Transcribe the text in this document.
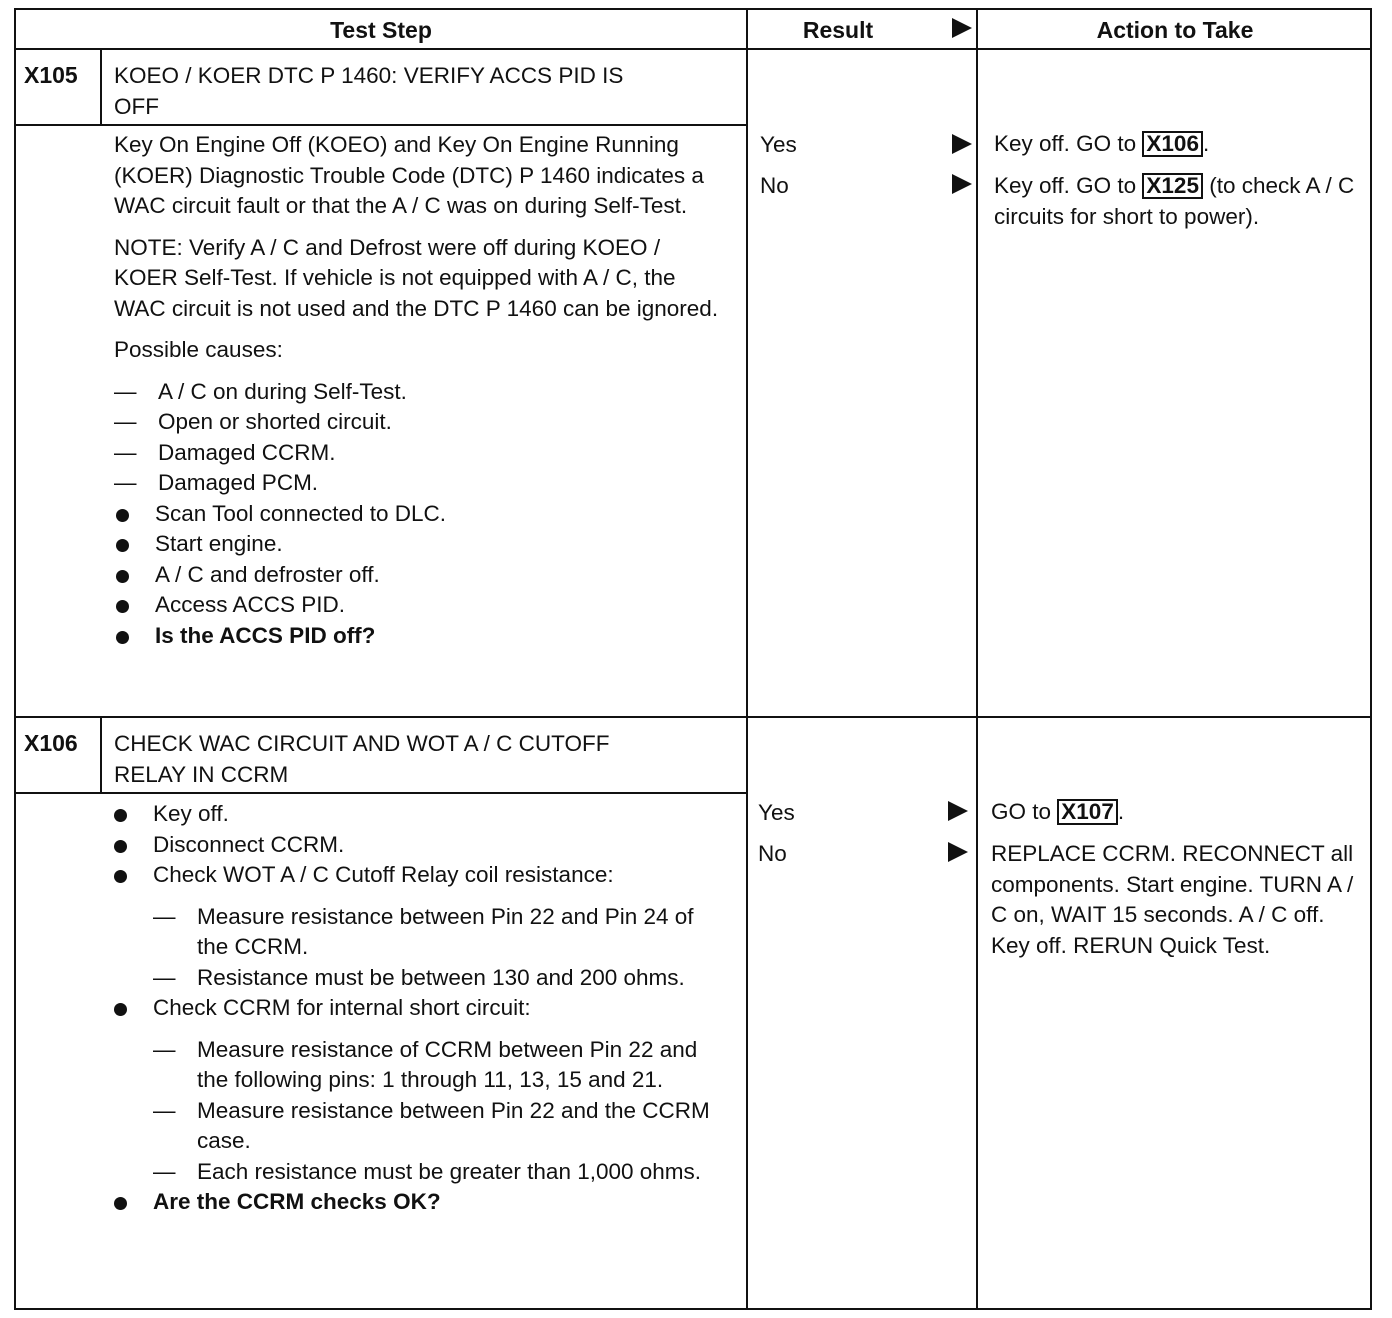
Test Step	Result	Action to Take
X105 KOEO / KOER DTC P 1460: VERIFY ACCS PID IS
OFF

Key On Engine Off (KOEO) and Key On Engine Running (KOER) Diagnostic Trouble Code (DTC) P 1460 indicates a WAC circuit fault or that the A / C was on during Self-Test.

NOTE: Verify A / C and Defrost were off during KOEO / KOER Self-Test. If vehicle is not equipped with A / C, the WAC circuit is not used and the DTC P 1460 can be ignored.

Possible causes:

— A / C on during Self-Test.
— Open or shorted circuit.
— Damaged CCRM.
— Damaged PCM.
Scan Tool connected to DLC.
Start engine.
A / C and defroster off.
Access ACCS PID.
Is the ACCS PID off?
Yes
No
Key off. GO to X106 .
Key off. GO to X125 (to check A / C circuits for short to power).
X106 CHECK WAC CIRCUIT AND WOT A / C CUTOFF
RELAY IN CCRM
Key off.
Disconnect CCRM.
Check WOT A / C Cutoff Relay coil resistance:
— Measure resistance between Pin 22 and Pin 24 of the CCRM.
— Resistance must be between 130 and 200 ohms.
Check CCRM for internal short circuit:
— Measure resistance of CCRM between Pin 22 and the following pins: 1 through 11, 13, 15 and 21.
— Measure resistance between Pin 22 and the CCRM case.
— Each resistance must be greater than 1,000 ohms.
Are the CCRM checks OK?
Yes
No
GO to X107 .
REPLACE CCRM. RECONNECT all components. Start engine. TURN A / C on, WAIT 15 seconds. A / C off. Key off. RERUN Quick Test.
